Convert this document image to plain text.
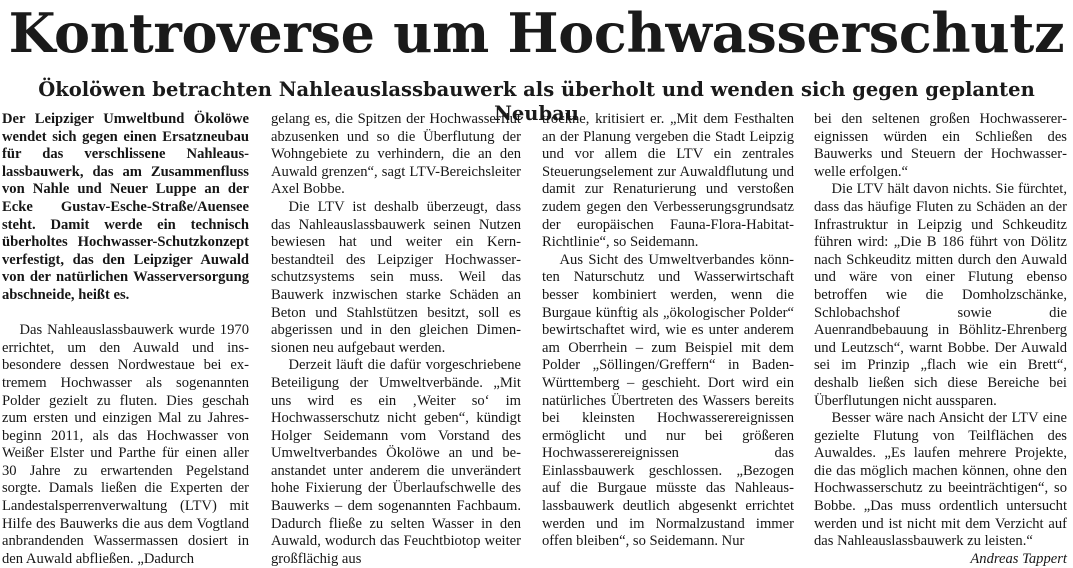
Kontroverse um Hochwasserschutz
Ökolöwen betrachten Nahleauslassbauwerk als überholt und wenden sich gegen geplanten Neubau

Der Leipziger Umweltbund Ökolöwe wendet sich gegen einen Ersatzneubau für das verschlissene Nahleauslassbauwerk, das am Zusammenfluss von Nahle und Neuer Luppe an der Ecke Gustav-Esche-Straße/Auensee steht. Damit werde ein technisch überholtes Hochwasser-Schutzkonzept verfestigt, das den Leipziger Auwald von der natürlichen Wasserversorgung abschneide, heißt es.

Das Nahleauslassbauwerk wurde 1970 errichtet, um den Auwald und insbesondere dessen Nordwestaue bei extremem Hochwasser als sogenannten Polder gezielt zu fluten. Dies geschah zum ersten und einzigen Mal zu Jahresbeginn 2011, als das Hochwasser von Weißer Elster und Parthe für einen aller 30 Jahre zu erwartenden Pegelstand sorgte. Damals ließen die Experten der Landestalsperrenverwaltung (LTV) mit Hilfe des Bauwerks die aus dem Vogtland anbrandenden Wassermassen dosiert in den Auwald abfließen. „Dadurch

gelang es, die Spitzen der Hochwasserflut abzusenken und so die Überflutung der Wohngebiete zu verhindern, die an den Auwald grenzen“, sagt LTV-Bereichsleiter Axel Bobbe.

Die LTV ist deshalb überzeugt, dass das Nahleauslassbauwerk seinen Nutzen bewiesen hat und weiter ein Kernbestandteil des Leipziger Hochwasserschutzsystems sein muss. Weil das Bauwerk inzwischen starke Schäden an Beton und Stahlstützen besitzt, soll es abgerissen und in den gleichen Dimensionen neu aufgebaut werden.

Derzeit läuft die dafür vorgeschriebene Beteiligung der Umweltverbände. „Mit uns wird es ein ‚Weiter so‘ im Hochwasserschutz nicht geben“, kündigt Holger Seidemann vom Vorstand des Umweltverbandes Ökolöwe an und beanstandet unter anderem die unverändert hohe Fixierung der Überlaufschwelle des Bauwerks – dem sogenannten Fachbaum. Dadurch fließe zu selten Wasser in den Auwald, wodurch das Feuchtbiotop weiter großflächig aus

trockne, kritisiert er. „Mit dem Festhalten an der Planung vergeben die Stadt Leipzig und vor allem die LTV ein zentrales Steuerungselement zur Auwaldflutung und damit zur Renaturierung und verstoßen zudem gegen den Verbesserungsgrundsatz der europäischen Fauna-Flora-Habitat-Richtlinie“, so Seidemann.

Aus Sicht des Umweltverbandes könnten Naturschutz und Wasserwirtschaft besser kombiniert werden, wenn die Burgaue künftig als „ökologischer Polder“ bewirtschaftet wird, wie es unter anderem am Oberrhein – zum Beispiel mit dem Polder „Söllingen/Greffern“ in Baden-Württemberg – geschieht. Dort wird ein natürliches Übertreten des Wassers bereits bei kleinsten Hochwasserereignissen ermöglicht und nur bei größeren Hochwasserereignissen das Einlassbauwerk geschlossen. „Bezogen auf die Burgaue müsste das Nahleauslassbauwerk deutlich abgesenkt errichtet werden und im Normalzustand immer offen bleiben“, so Seidemann. Nur

bei den seltenen großen Hochwasserereignissen würden ein Schließen des Bauwerks und Steuern der Hochwasserwelle erfolgen.“

Die LTV hält davon nichts. Sie fürchtet, dass das häufige Fluten zu Schäden an der Infrastruktur in Leipzig und Schkeuditz führen wird: „Die B 186 führt von Dölitz nach Schkeuditz mitten durch den Auwald und wäre von einer Flutung ebenso betroffen wie die Domholzschänke, Schlobachshof sowie die Auenrandbebauung in Böhlitz-Ehrenberg und Leutzsch“, warnt Bobbe. Der Auwald sei im Prinzip „flach wie ein Brett“, deshalb ließen sich diese Bereiche bei Überflutungen nicht aussparen.

Besser wäre nach Ansicht der LTV eine gezielte Flutung von Teilflächen des Auwaldes. „Es laufen mehrere Projekte, die das möglich machen können, ohne den Hochwasserschutz zu beeinträchtigen“, so Bobbe. „Das muss ordentlich untersucht werden und ist nicht mit dem Verzicht auf das Nahleauslassbauwerk zu leisten.“

Andreas Tappert
